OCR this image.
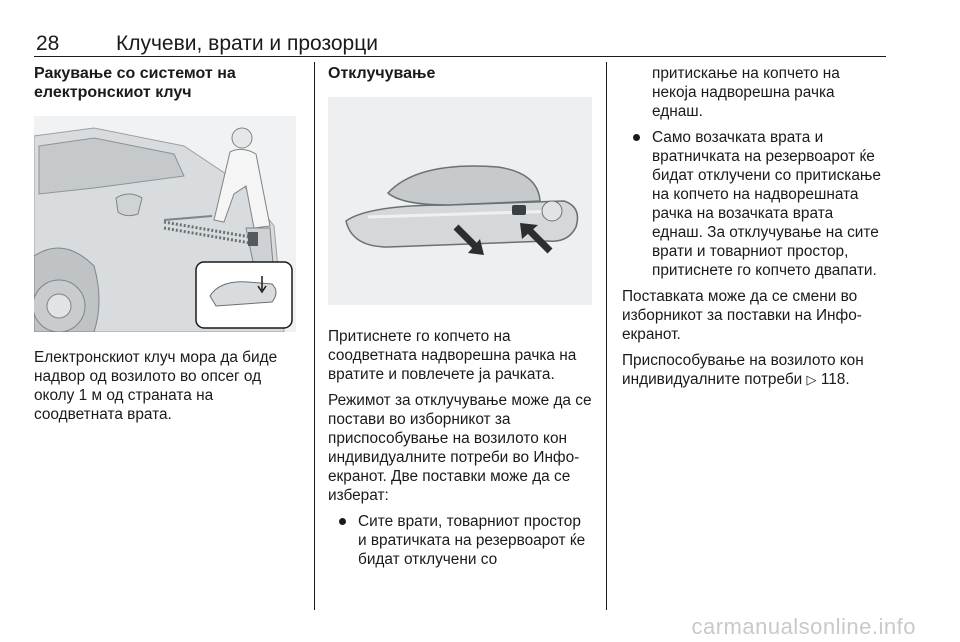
28	Клучеви, врати и прозорци
Ракување со системот на електронскиот клуч

Електронскиот клуч мора да биде надвор од возилото во опсег од околу 1 м од страната на соодветната врата.

Отклучување

Притиснете го копчето на соодветната надворешна рачка на вратите и повлечете ја рачката.

Режимот за отклучување може да се постави во изборникот за приспособување на возилото кон индивидуалните потреби во Инфо-екранот. Две поставки може да се изберат:

Сите врати, товарниот простор и вратичката на резервоарот ќе бидат отклучени со
притискање на копчето на некоја надворешна рачка еднаш.
Само возачката врата и вратничката на резервоарот ќе бидат отклучени со притискање на копчето на надворешната рачка на возачката врата еднаш. За отклучување на сите врати и товарниот простор, притиснете го копчето двапати.

Поставката може да се смени во изборникот за поставки на Инфо-екранот.

Приспособување на возилото кон индивидуалните потреби ▷ 118.

carmanualsonline.info
